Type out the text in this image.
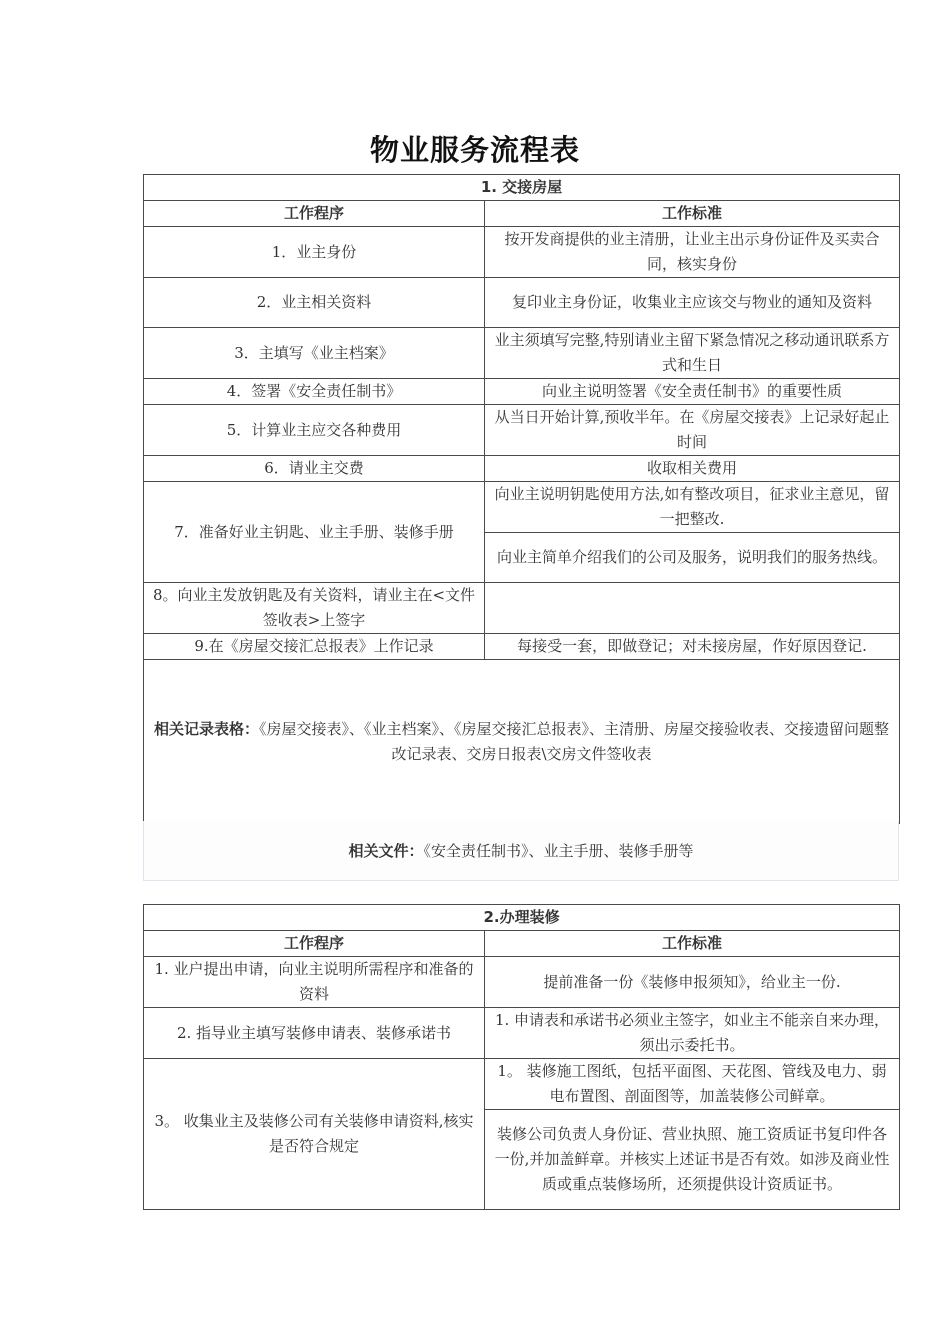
物业服务流程表
1. 交接房屋	
工作程序	工作标准
1．业主身份	按开发商提供的业主清册，让业主出示身份证件及买卖合同，核实身份
2．业主相关资料	复印业主身份证，收集业主应该交与物业的通知及资料
3．主填写《业主档案》	业主须填写完整,特别请业主留下紧急情况之移动通讯联系方式和生日
4．签署《安全责任制书》	向业主说明签署《安全责任制书》的重要性质
5．计算业主应交各种费用	从当日开始计算,预收半年。在《房屋交接表》上记录好起止时间
6．请业主交费	收取相关费用
7．准备好业主钥匙、业主手册、装修手册	向业主说明钥匙使用方法,如有整改项目，征求业主意见，留一把整改.
	向业主简单介绍我们的公司及服务，说明我们的服务热线。
8。向业主发放钥匙及有关资料，请业主在<文件签收表>上签字	
9.在《房屋交接汇总报表》上作记录	每接受一套，即做登记；对未接房屋，作好原因登记.
相关记录表格：《房屋交接表》、《业主档案》、《房屋交接汇总报表》、主清册、房屋交接验收表、交接遗留问题整改记录表、交房日报表\交房文件签收表	
相关文件：《安全责任制书》、业主手册、装修手册等
2.办理装修	
工作程序	工作标准
1. 业户提出申请，向业主说明所需程序和准备的资料	提前准备一份《装修申报须知》，给业主一份.
2. 指导业主填写装修申请表、装修承诺书	1. 申请表和承诺书必须业主签字，如业主不能亲自来办理，须出示委托书。
3。 收集业主及装修公司有关装修申请资料,核实是否符合规定	1。 装修施工图纸，包括平面图、天花图、管线及电力、弱电布置图、剖面图等，加盖装修公司鲜章。
	装修公司负责人身份证、营业执照、施工资质证书复印件各一份,并加盖鲜章。并核实上述证书是否有效。如涉及商业性质或重点装修场所，还须提供设计资质证书。
